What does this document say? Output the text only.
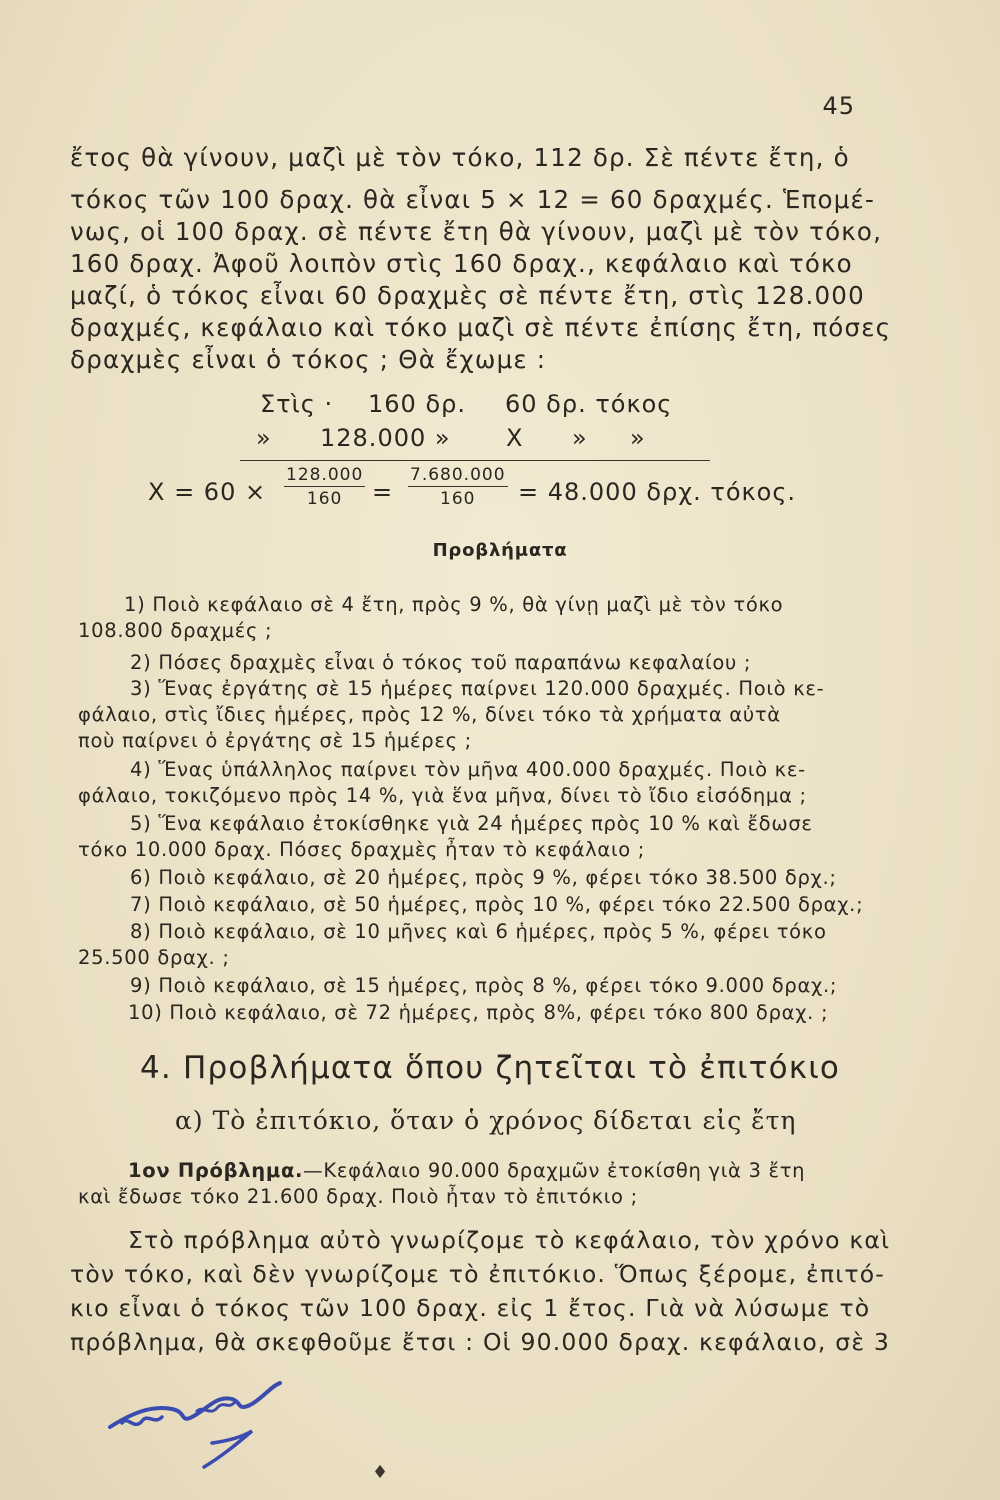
45
ἔτος θὰ γίνουν, μαζὶ μὲ τὸν τόκο, 112 δρ. Σὲ πέντε ἔτη, ὁ
τόκος τῶν 100 δραχ. θὰ εἶναι 5 × 12 = 60 δραχμές. Ἑπομέ-
νως, οἱ 100 δραχ. σὲ πέντε ἔτη θὰ γίνουν, μαζὶ μὲ τὸν τόκο,
160 δραχ. Ἀφοῦ λοιπὸν στὶς 160 δραχ., κεφάλαιο καὶ τόκο
μαζί, ὁ τόκος εἶναι 60 δραχμὲς σὲ πέντε ἔτη, στὶς 128.000
δραχμές, κεφάλαιο καὶ τόκο μαζὶ σὲ πέντε ἐπίσης ἔτη, πόσες
δραχμὲς εἶναι ὁ τόκος ; Θὰ ἔχωμε :
Στὶς · 160 δρ. 60 δρ. τόκος
» 128.000 » X » »
$X = 60 \times \frac{128.000}{160} = \frac{7.680.000}{160} = 48.000$ δρχ. τόκος.
Προβλήματα
1) Ποιὸ κεφάλαιο σὲ 4 ἔτη, πρὸς 9 %, θὰ γίνῃ μαζὶ μὲ τὸν τόκο
108.800 δραχμές ;
2) Πόσες δραχμὲς εἶναι ὁ τόκος τοῦ παραπάνω κεφαλαίου ;
3) Ἕνας ἐργάτης σὲ 15 ἡμέρες παίρνει 120.000 δραχμές. Ποιὸ κε-
φάλαιο, στὶς ἴδιες ἡμέρες, πρὸς 12 %, δίνει τόκο τὰ χρήματα αὐτὰ
ποὺ παίρνει ὁ ἐργάτης σὲ 15 ἡμέρες ;
4) Ἕνας ὑπάλληλος παίρνει τὸν μῆνα 400.000 δραχμές. Ποιὸ κε-
φάλαιο, τοκιζόμενο πρὸς 14 %, γιὰ ἕνα μῆνα, δίνει τὸ ἴδιο εἰσόδημα ;
5) Ἕνα κεφάλαιο ἐτοκίσθηκε γιὰ 24 ἡμέρες πρὸς 10 % καὶ ἔδωσε
τόκο 10.000 δραχ. Πόσες δραχμὲς ἦταν τὸ κεφάλαιο ;
6) Ποιὸ κεφάλαιο, σὲ 20 ἡμέρες, πρὸς 9 %, φέρει τόκο 38.500 δρχ.;
7) Ποιὸ κεφάλαιο, σὲ 50 ἡμέρες, πρὸς 10 %, φέρει τόκο 22.500 δραχ.;
8) Ποιὸ κεφάλαιο, σὲ 10 μῆνες καὶ 6 ἡμέρες, πρὸς 5 %, φέρει τόκο
25.500 δραχ. ;
9) Ποιὸ κεφάλαιο, σὲ 15 ἡμέρες, πρὸς 8 %, φέρει τόκο 9.000 δραχ.;
10) Ποιὸ κεφάλαιο, σὲ 72 ἡμέρες, πρὸς 8%, φέρει τόκο 800 δραχ. ;
4. Προβλήματα ὅπου ζητεῖται τὸ ἐπιτόκιο
α) Τὸ ἐπιτόκιο, ὅταν ὁ χρόνος δίδεται εἰς ἔτη
1ον Πρόβλημα.—Κεφάλαιο 90.000 δραχμῶν ἐτοκίσθη γιὰ 3 ἔτη
καὶ ἔδωσε τόκο 21.600 δραχ. Ποιὸ ἦταν τὸ ἐπιτόκιο ;
Στὸ πρόβλημα αὐτὸ γνωρίζομε τὸ κεφάλαιο, τὸν χρόνο καὶ
τὸν τόκο, καὶ δὲν γνωρίζομε τὸ ἐπιτόκιο. Ὅπως ξέρομε, ἐπιτό-
κιο εἶναι ὁ τόκος τῶν 100 δραχ. εἰς 1 ἔτος. Γιὰ νὰ λύσωμε τὸ
πρόβλημα, θὰ σκεφθοῦμε ἔτσι : Οἱ 90.000 δραχ. κεφάλαιο, σὲ 3
♦
